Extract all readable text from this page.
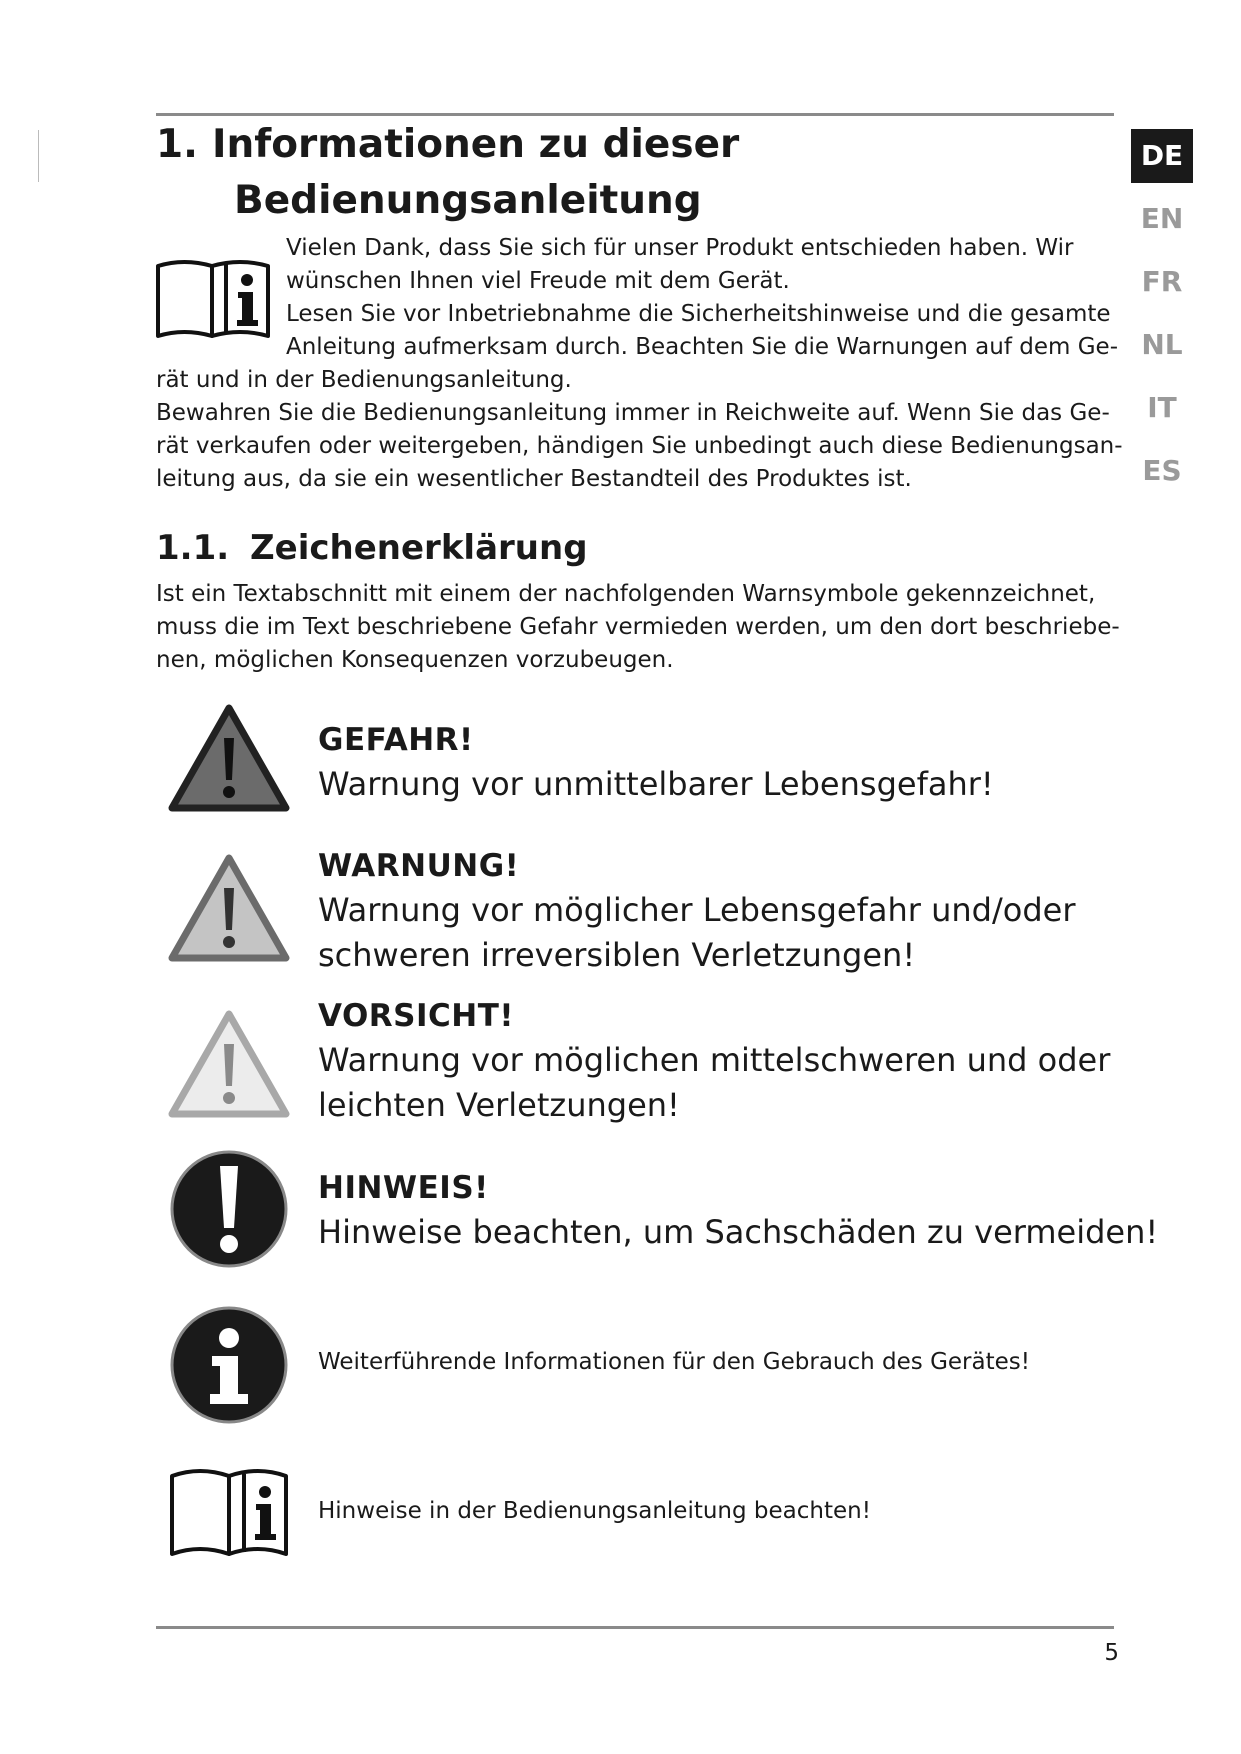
1. Informationen zu dieser
Bedienungsanleitung
Vielen Dank, dass Sie sich für unser Produkt entschieden haben. Wir
wünschen Ihnen viel Freude mit dem Gerät.
Lesen Sie vor Inbetriebnahme die Sicherheitshinweise und die gesamte
Anleitung aufmerksam durch. Beachten Sie die Warnungen auf dem Ge-
rät und in der Bedienungsanleitung.
Bewahren Sie die Bedienungsanleitung immer in Reichweite auf. Wenn Sie das Ge-
rät verkaufen oder weitergeben, händigen Sie unbedingt auch diese Bedienungsan-
leitung aus, da sie ein wesentlicher Bestandteil des Produktes ist.
1.1. Zeichenerklärung
Ist ein Textabschnitt mit einem der nachfolgenden Warnsymbole gekennzeichnet,
muss die im Text beschriebene Gefahr vermieden werden, um den dort beschriebe-
nen, möglichen Konsequenzen vorzubeugen.
GEFAHR!
Warnung vor unmittelbarer Lebensgefahr!
WARNUNG!
Warnung vor möglicher Lebensgefahr und/oder
schweren irreversiblen Verletzungen!
VORSICHT!
Warnung vor möglichen mittelschweren und oder
leichten Verletzungen!
HINWEIS!
Hinweise beachten, um Sachschäden zu vermeiden!
Weiterführende Informationen für den Gebrauch des Gerätes!
Hinweise in der Bedienungsanleitung beachten!
DE
EN
FR
NL
IT
ES
5
